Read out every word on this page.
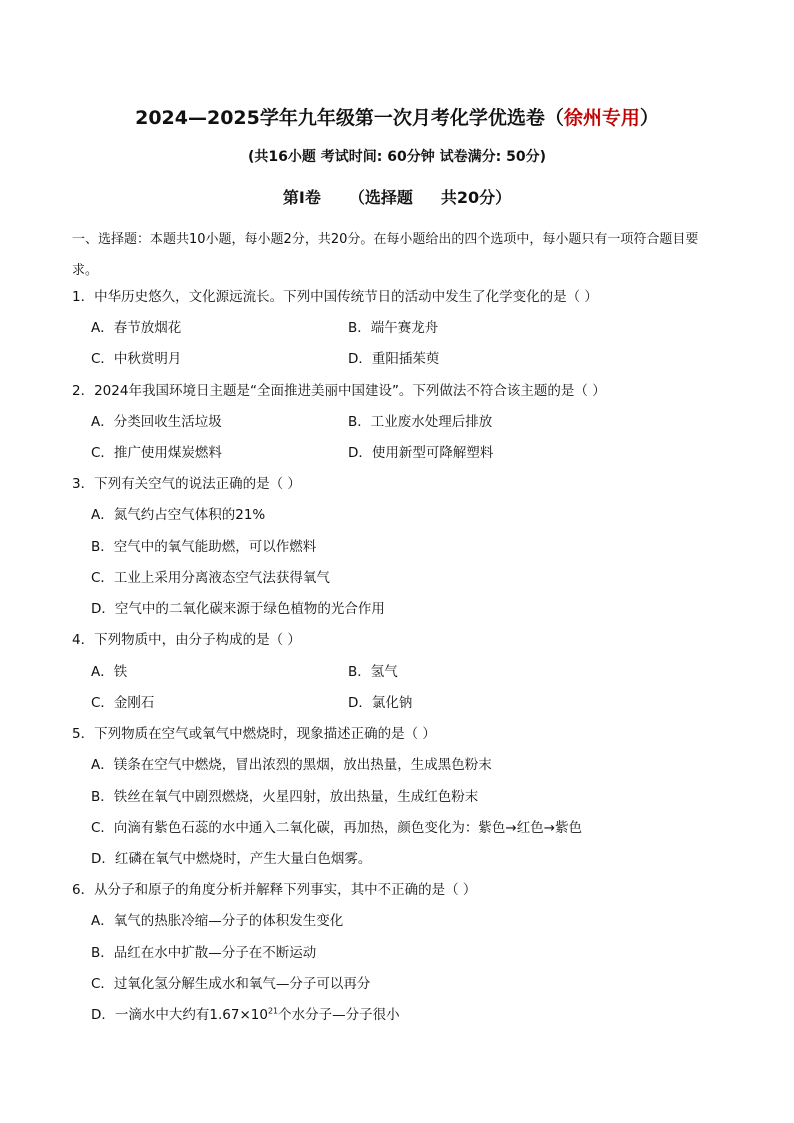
2024—2025学年九年级第一次月考化学优选卷（徐州专用）
(共16小题 考试时间: 60分钟 试卷满分: 50分)
第Ⅰ卷 （选择题 共20分）
一、选择题：本题共10小题，每小题2分，共20分。在每小题给出的四个选项中，每小题只有一项符合题目要求。
1．中华历史悠久，文化源远流长。下列中国传统节日的活动中发生了化学变化的是（ ）
A．春节放烟花	B．端午赛龙舟
C．中秋赏明月	D．重阳插茱萸
2．2024年我国环境日主题是“全面推进美丽中国建设”。下列做法不符合该主题的是（ ）
A．分类回收生活垃圾	B．工业废水处理后排放
C．推广使用煤炭燃料	D．使用新型可降解塑料
3．下列有关空气的说法正确的是（ ）
A．氮气约占空气体积的21%
B．空气中的氧气能助燃，可以作燃料
C．工业上采用分离液态空气法获得氧气
D．空气中的二氧化碳来源于绿色植物的光合作用
4．下列物质中，由分子构成的是（ ）
A．铁	B．氢气
C．金刚石	D．氯化钠
5．下列物质在空气或氧气中燃烧时，现象描述正确的是（ ）
A．镁条在空气中燃烧，冒出浓烈的黑烟，放出热量，生成黑色粉末
B．铁丝在氧气中剧烈燃烧，火星四射，放出热量，生成红色粉末
C．向滴有紫色石蕊的水中通入二氧化碳，再加热，颜色变化为：紫色→红色→紫色
D．红磷在氧气中燃烧时，产生大量白色烟雾。
6．从分子和原子的角度分析并解释下列事实，其中不正确的是（ ）
A．氧气的热胀冷缩—分子的体积发生变化
B．品红在水中扩散—分子在不断运动
C．过氧化氢分解生成水和氧气—分子可以再分
D．一滴水中大约有$1.67\times 10^{21}$个水分子—分子很小
